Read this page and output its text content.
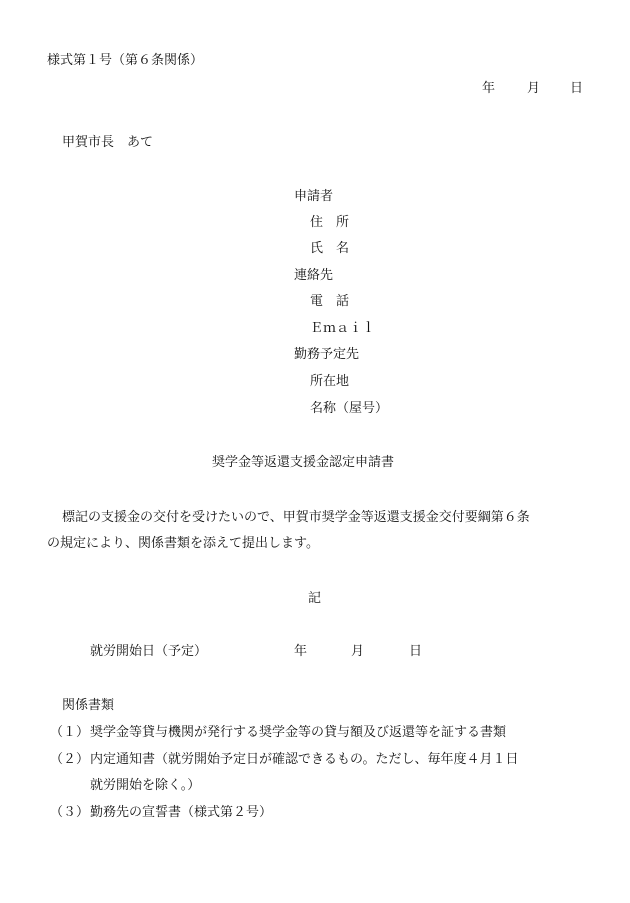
様式第１号（第６条関係）
年 月 日
甲賀市長　あて
申請者
住　所
氏　名
連絡先
電　話
Ｅｍａｉｌ
勤務予定先
所在地
名称（屋号）
奨学金等返還支援金認定申請書
標記の支援金の交付を受けたいので、甲賀市奨学金等返還支援金交付要綱第６条
の規定により、関係書類を添えて提出します。
記
就労開始日（予定）	年	月	日
関係書類
（１） 奨学金等貸与機関が発行する奨学金等の貸与額及び返還等を証する書類
（２） 内定通知書（就労開始予定日が確認できるもの。ただし、毎年度４月１日
就労開始を除く。）
（３） 勤務先の宣誓書（様式第２号）
